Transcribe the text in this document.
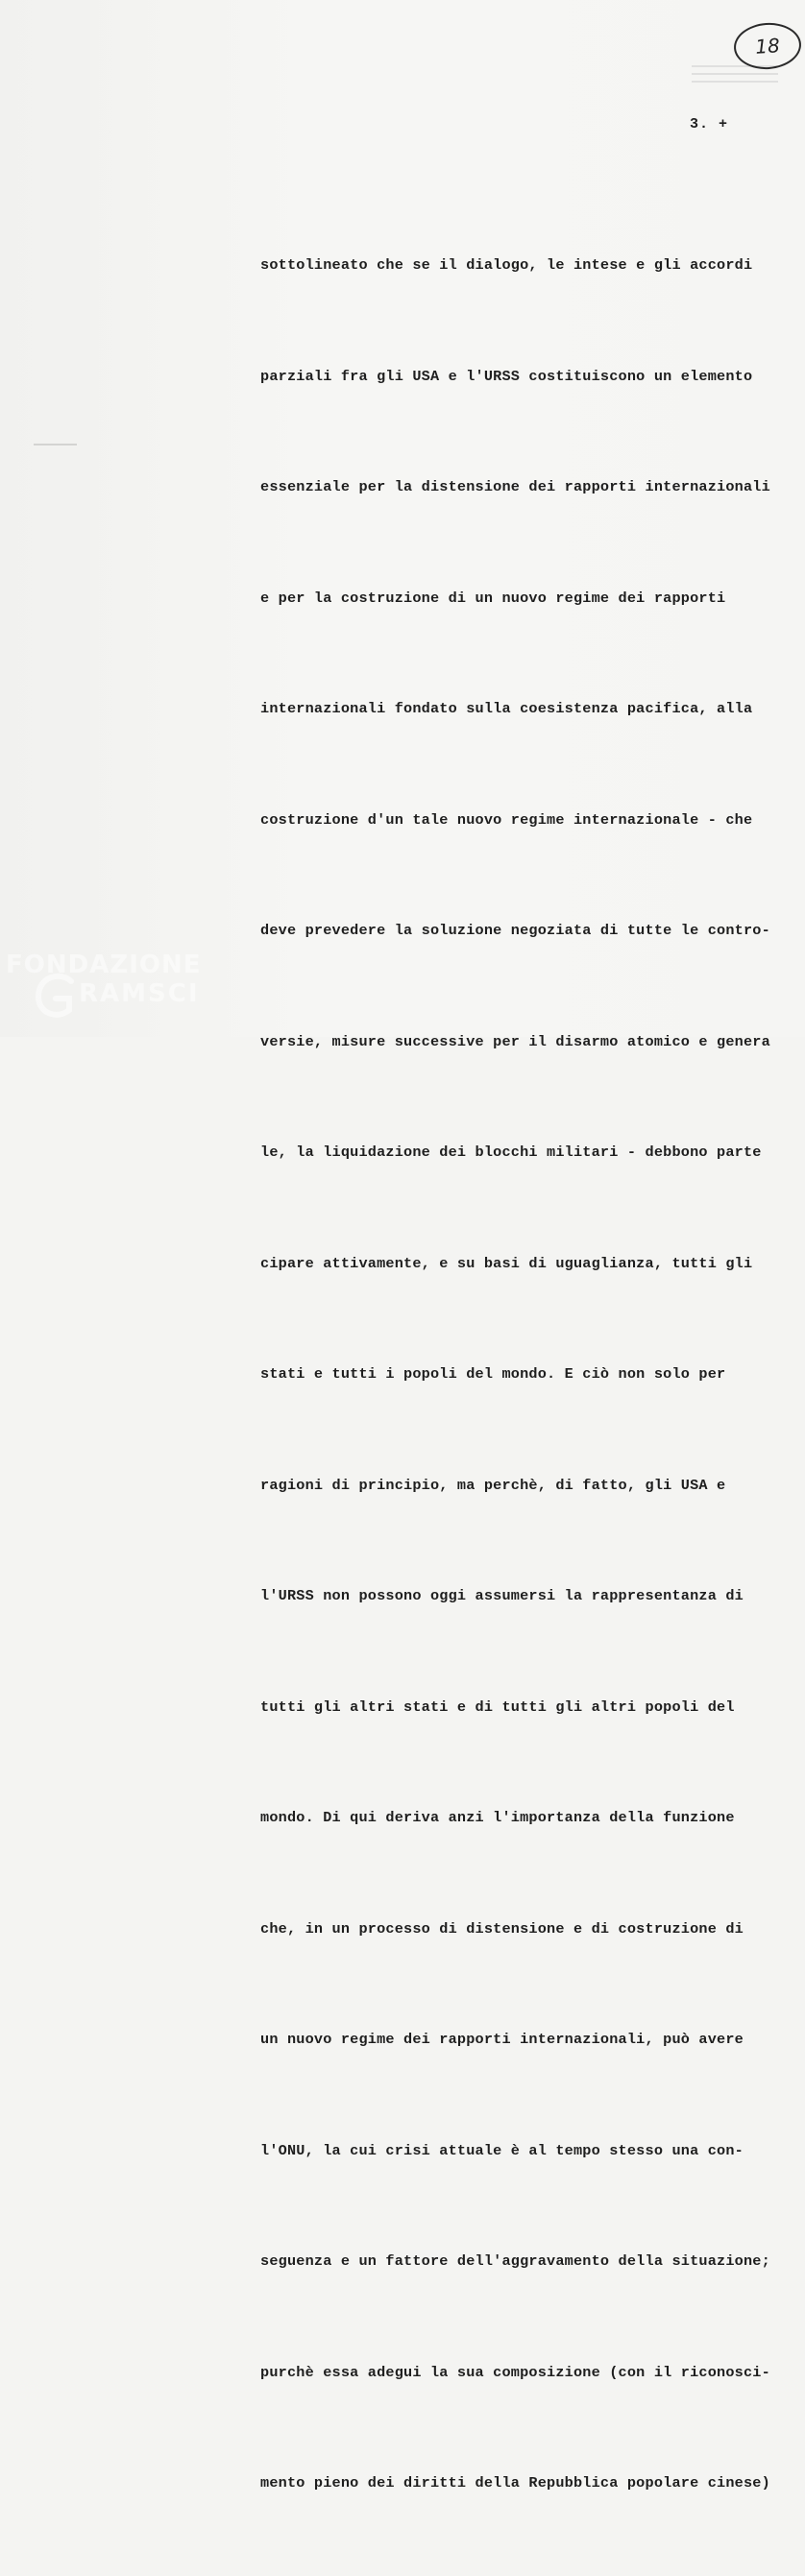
18
3. +

sottolineato che se il dialogo, le intese e gli accordi

parziali fra gli USA e l'URSS costituiscono un elemento

essenziale per la distensione dei rapporti internazionali

e per la costruzione di un nuovo regime dei rapporti

internazionali fondato sulla coesistenza pacifica, alla

costruzione d'un tale nuovo regime internazionale - che

deve prevedere la soluzione negoziata di tutte le contro-

versie, misure successive per il disarmo atomico e genera

le, la liquidazione dei blocchi militari - debbono parte

cipare attivamente, e su basi di uguaglianza, tutti gli

stati e tutti i popoli del mondo. E ciò non solo per

ragioni di principio, ma perchè, di fatto, gli USA e

l'URSS non possono oggi assumersi la rappresentanza di

tutti gli altri stati e di tutti gli altri popoli del

mondo. Di qui deriva anzi l'importanza della funzione

che, in un processo di distensione e di costruzione di

un nuovo regime dei rapporti internazionali, può avere

l'ONU, la cui crisi attuale è al tempo stesso una con-

seguenza e un fattore dell'aggravamento della situazione;

purchè essa adegui la sua composizione (con il riconosci-

mento pieno dei diritti della Repubblica popolare cinese)

FONDAZIONE
RAMSCI
